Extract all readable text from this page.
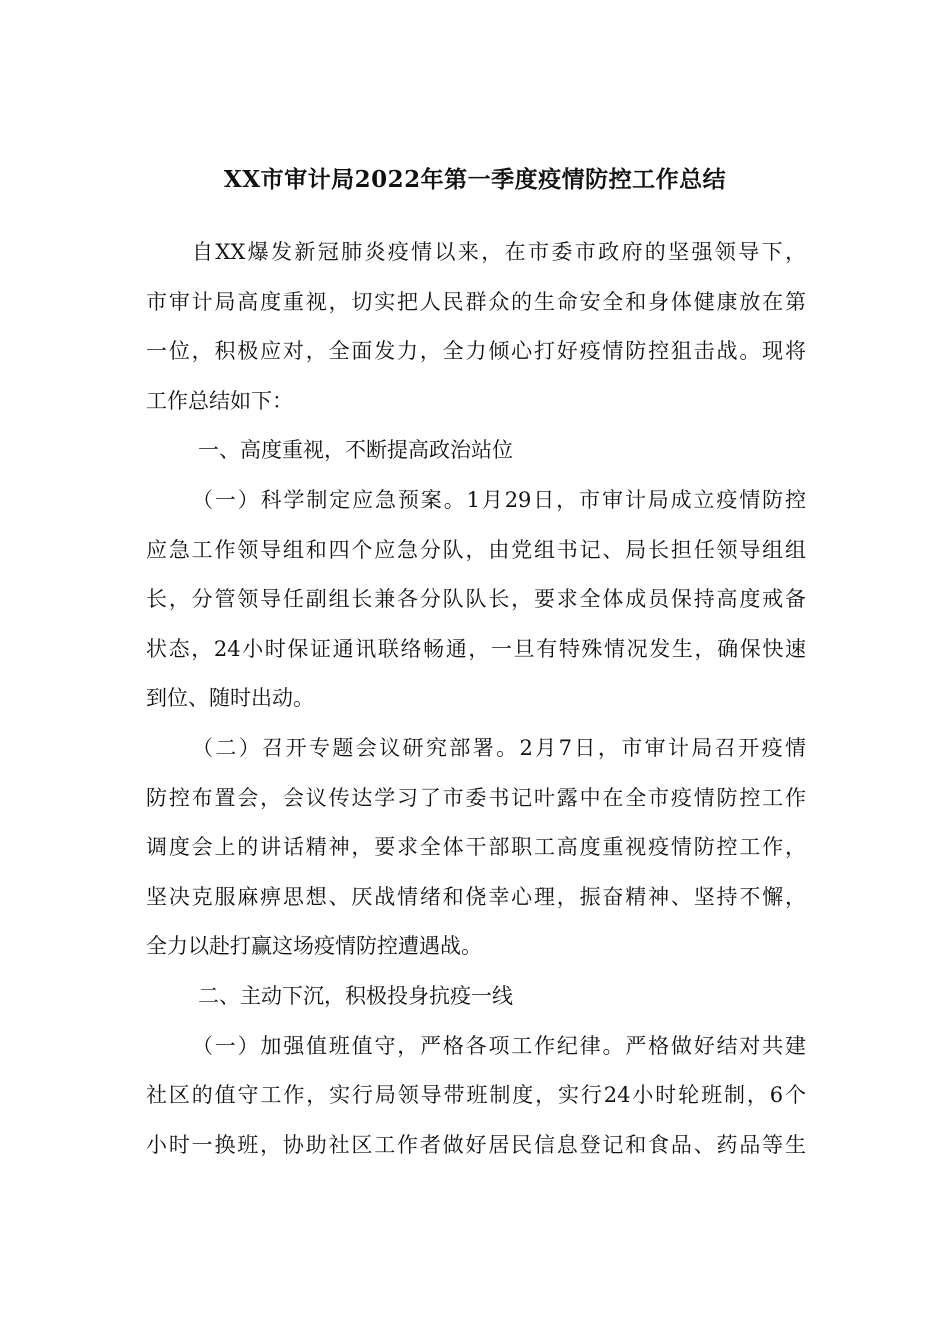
XX市审计局2022年第一季度疫情防控工作总结
自XX爆发新冠肺炎疫情以来，在市委市政府的坚强领导下，
市审计局高度重视，切实把人民群众的生命安全和身体健康放在第
一位，积极应对，全面发力，全力倾心打好疫情防控狙击战。现将
工作总结如下：
一、高度重视，不断提高政治站位
（一）科学制定应急预案。1月29日，市审计局成立疫情防控
应急工作领导组和四个应急分队，由党组书记、局长担任领导组组
长，分管领导任副组长兼各分队队长，要求全体成员保持高度戒备
状态，24小时保证通讯联络畅通，一旦有特殊情况发生，确保快速
到位、随时出动。
（二）召开专题会议研究部署。2月7日，市审计局召开疫情
防控布置会，会议传达学习了市委书记叶露中在全市疫情防控工作
调度会上的讲话精神，要求全体干部职工高度重视疫情防控工作，
坚决克服麻痹思想、厌战情绪和侥幸心理，振奋精神、坚持不懈，
全力以赴打赢这场疫情防控遭遇战。
二、主动下沉，积极投身抗疫一线
（一）加强值班值守，严格各项工作纪律。严格做好结对共建
社区的值守工作，实行局领导带班制度，实行24小时轮班制，6个
小时一换班，协助社区工作者做好居民信息登记和食品、药品等生
